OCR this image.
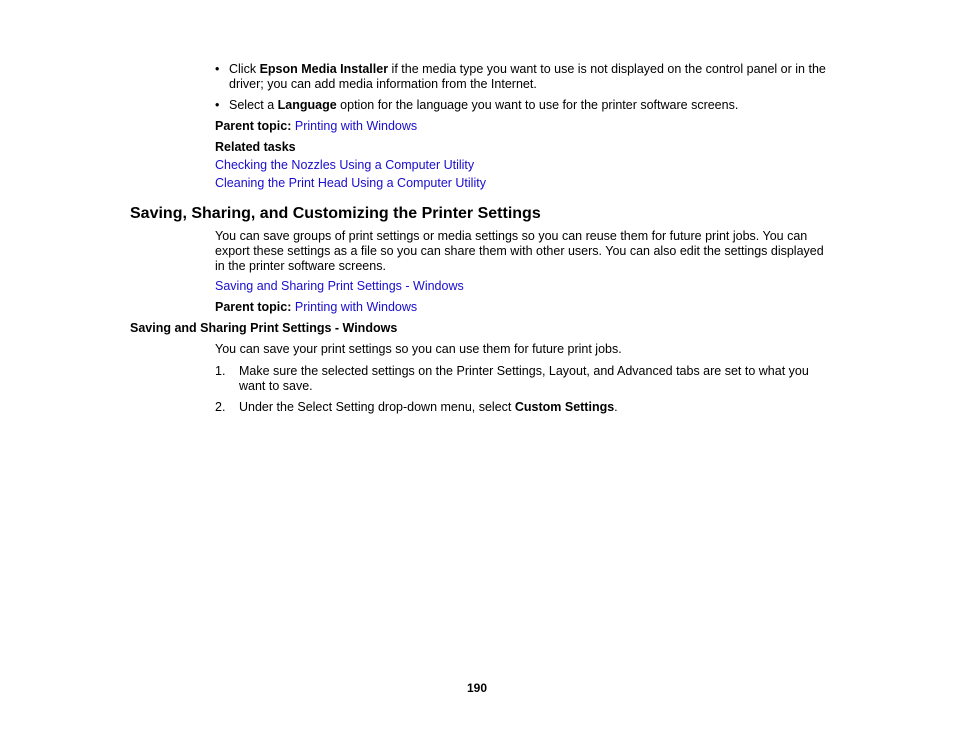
• Click Epson Media Installer if the media type you want to use is not displayed on the control panel or in the driver; you can add media information from the Internet.
• Select a Language option for the language you want to use for the printer software screens.
Parent topic: Printing with Windows
Related tasks
Checking the Nozzles Using a Computer Utility
Cleaning the Print Head Using a Computer Utility
Saving, Sharing, and Customizing the Printer Settings
You can save groups of print settings or media settings so you can reuse them for future print jobs. You can export these settings as a file so you can share them with other users. You can also edit the settings displayed in the printer software screens.
Saving and Sharing Print Settings - Windows
Parent topic: Printing with Windows
Saving and Sharing Print Settings - Windows
You can save your print settings so you can use them for future print jobs.
1.	Make sure the selected settings on the Printer Settings, Layout, and Advanced tabs are set to what you want to save.
2.	Under the Select Setting drop-down menu, select Custom Settings.
190
